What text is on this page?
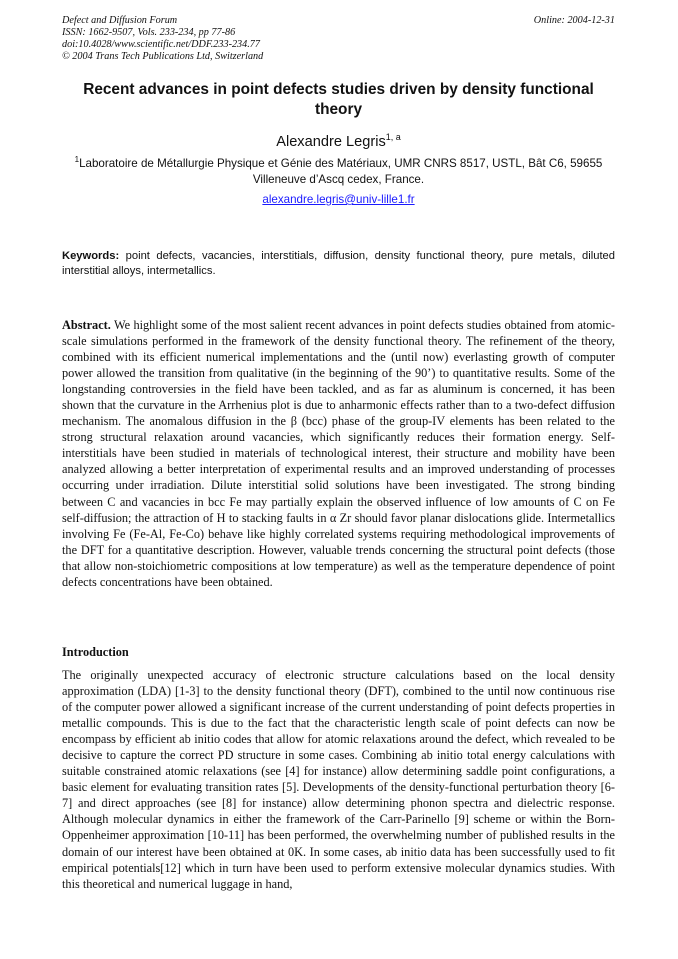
Defect and Diffusion Forum
ISSN: 1662-9507, Vols. 233-234, pp 77-86
doi:10.4028/www.scientific.net/DDF.233-234.77
© 2004 Trans Tech Publications Ltd, Switzerland
Online: 2004-12-31
Recent advances in point defects studies driven by density functional theory
Alexandre Legris$^{1, a}$
$^1$Laboratoire de Métallurgie Physique et Génie des Matériaux, UMR CNRS 8517, USTL, Bât C6, 59655 Villeneuve d’Ascq cedex, France.
alexandre.legris@univ-lille1.fr
Keywords: point defects, vacancies, interstitials, diffusion, density functional theory, pure metals, diluted interstitial alloys, intermetallics.

Abstract. We highlight some of the most salient recent advances in point defects studies obtained from atomic-scale simulations performed in the framework of the density functional theory. The refinement of the theory, combined with its efficient numerical implementations and the (until now) everlasting growth of computer power allowed the transition from qualitative (in the beginning of the 90’) to quantitative results. Some of the longstanding controversies in the field have been tackled, and as far as aluminum is concerned, it has been shown that the curvature in the Arrhenius plot is due to anharmonic effects rather than to a two-defect diffusion mechanism. The anomalous diffusion in the β (bcc) phase of the group-IV elements has been related to the strong structural relaxation around vacancies, which significantly reduces their formation energy. Self-interstitials have been studied in materials of technological interest, their structure and mobility have been analyzed allowing a better interpretation of experimental results and an improved understanding of processes occurring under irradiation. Dilute interstitial solid solutions have been investigated. The strong binding between C and vacancies in bcc Fe may partially explain the observed influence of low amounts of C on Fe self-diffusion; the attraction of H to stacking faults in α Zr should favor planar dislocations glide. Intermetallics involving Fe (Fe-Al, Fe-Co) behave like highly correlated systems requiring methodological improvements of the DFT for a quantitative description. However, valuable trends concerning the structural point defects (those that allow non-stoichiometric compositions at low temperature) as well as the temperature dependence of point defects concentrations have been obtained.

Introduction

The originally unexpected accuracy of electronic structure calculations based on the local density approximation (LDA) [1-3] to the density functional theory (DFT), combined to the until now continuous rise of the computer power allowed a significant increase of the current understanding of point defects properties in metallic compounds. This is due to the fact that the characteristic length scale of point defects can now be encompass by efficient ab initio codes that allow for atomic relaxations around the defect, which revealed to be decisive to capture the correct PD structure in some cases. Combining ab initio total energy calculations with suitable constrained atomic relaxations (see [4] for instance) allow determining saddle point configurations, a basic element for evaluating transition rates [5]. Developments of the density-functional perturbation theory [6-7] and direct approaches (see [8] for instance) allow determining phonon spectra and dielectric response. Although molecular dynamics in either the framework of the Carr-Parinello [9] scheme or within the Born-Oppenheimer approximation [10-11] has been performed, the overwhelming number of published results in the domain of our interest have been obtained at 0K. In some cases, ab initio data has been successfully used to fit empirical potentials[12] which in turn have been used to perform extensive molecular dynamics studies. With this theoretical and numerical luggage in hand,
